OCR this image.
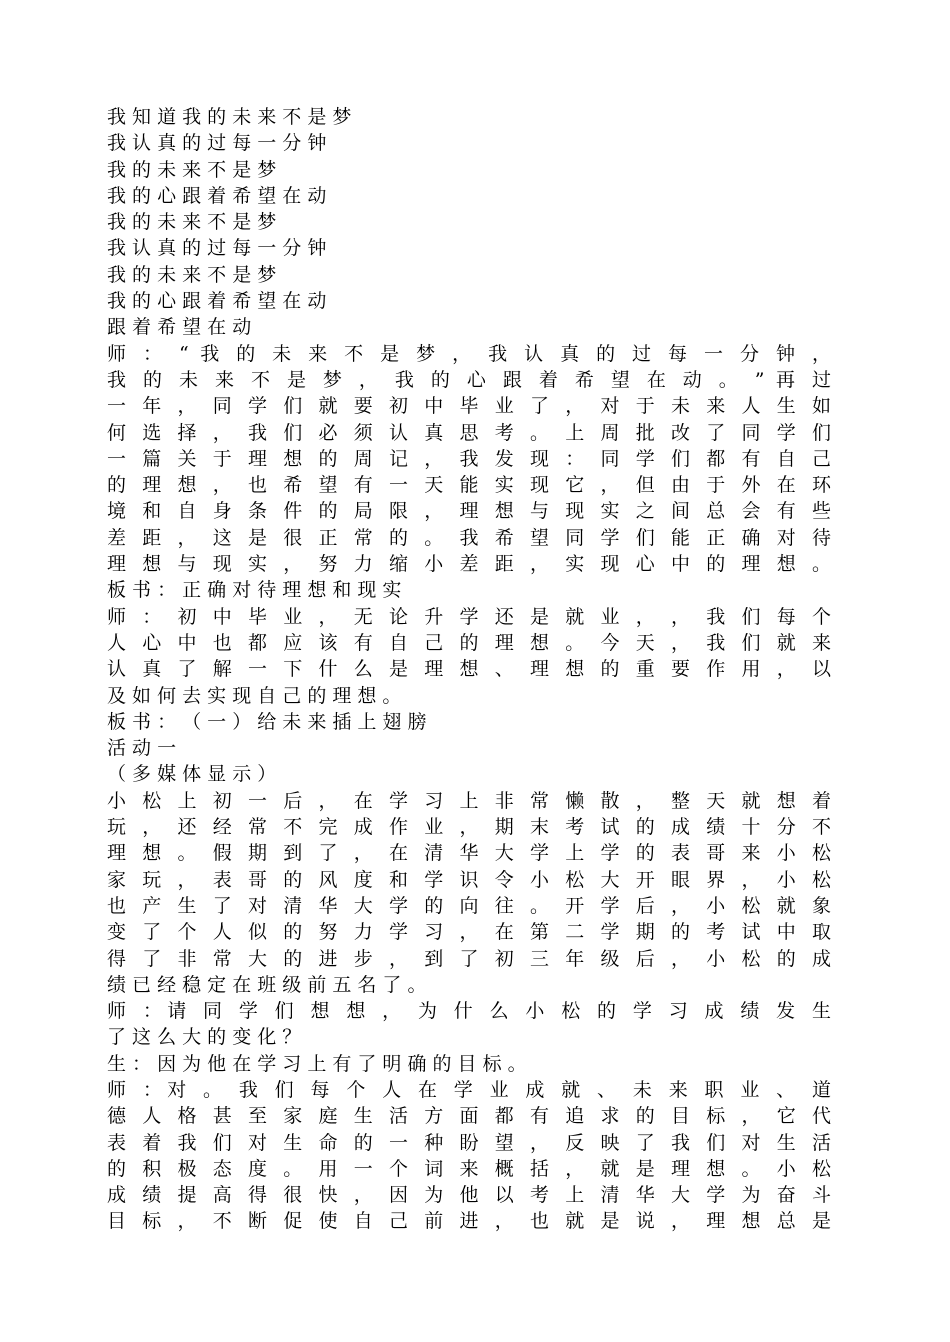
我 知 道 我 的 未 来 不 是 梦
我 认 真 的 过 每 一 分 钟
我 的 未 来 不 是 梦
我 的 心 跟 着 希 望 在 动
我 的 未 来 不 是 梦
我 认 真 的 过 每 一 分 钟
我 的 未 来 不 是 梦
我 的 心 跟 着 希 望 在 动
跟 着 希 望 在 动
师 ： “ 我 的 未 来 不 是 梦 ， 我 认 真 的 过 每 一 分 钟 ，
我 的 未 来 不 是 梦 ， 我 的 心 跟 着 希 望 在 动 。 ” 再 过
一 年 ， 同 学 们 就 要 初 中 毕 业 了 ， 对 于 未 来 人 生 如
何 选 择 ， 我 们 必 须 认 真 思 考 。 上 周 批 改 了 同 学 们
一 篇 关 于 理 想 的 周 记 ， 我 发 现 ： 同 学 们 都 有 自 己
的 理 想 ， 也 希 望 有 一 天 能 实 现 它 ， 但 由 于 外 在 环
境 和 自 身 条 件 的 局 限 ， 理 想 与 现 实 之 间 总 会 有 些
差 距 ， 这 是 很 正 常 的 。 我 希 望 同 学 们 能 正 确 对 待
理 想 与 现 实 ， 努 力 缩 小 差 距 ， 实 现 心 中 的 理 想 。
板 书 ： 正 确 对 待 理 想 和 现 实
师 ： 初 中 毕 业 ， 无 论 升 学 还 是 就 业 ， ， 我 们 每 个
人 心 中 也 都 应 该 有 自 己 的 理 想 。 今 天 ， 我 们 就 来
认 真 了 解 一 下 什 么 是 理 想 、 理 想 的 重 要 作 用 ， 以
及 如 何 去 实 现 自 己 的 理 想 。
板 书 ： （ 一 ） 给 未 来 插 上 翅 膀
活 动 一
（ 多 媒 体 显 示 ）
小 松 上 初 一 后 ， 在 学 习 上 非 常 懒 散 ， 整 天 就 想 着
玩 ， 还 经 常 不 完 成 作 业 ， 期 末 考 试 的 成 绩 十 分 不
理 想 。 假 期 到 了 ， 在 清 华 大 学 上 学 的 表 哥 来 小 松
家 玩 ， 表 哥 的 风 度 和 学 识 令 小 松 大 开 眼 界 ， 小 松
也 产 生 了 对 清 华 大 学 的 向 往 。 开 学 后 ， 小 松 就 象
变 了 个 人 似 的 努 力 学 习 ， 在 第 二 学 期 的 考 试 中 取
得 了 非 常 大 的 进 步 ， 到 了 初 三 年 级 后 ， 小 松 的 成
绩 已 经 稳 定 在 班 级 前 五 名 了 。
师 ：请 同 学 们 想 想 ， 为 什 么 小 松 的 学 习 成 绩 发 生
了 这 么 大 的 变 化 ？
生 ： 因 为 他 在 学 习 上 有 了 明 确 的 目 标 。
师 ：对 。 我 们 每 个 人 在 学 业 成 就 、 未 来 职 业 、 道
德 人 格 甚 至 家 庭 生 活 方 面 都 有 追 求 的 目 标 ， 它 代
表 着 我 们 对 生 命 的 一 种 盼 望 ， 反 映 了 我 们 对 生 活
的 积 极 态 度 。 用 一 个 词 来 概 括 ， 就 是 理 想 。 小 松
成 绩 提 高 得 很 快 ， 因 为 他 以 考 上 清 华 大 学 为 奋 斗
目 标 ， 不 断 促 使 自 己 前 进 ， 也 就 是 说 ， 理 想 总 是
